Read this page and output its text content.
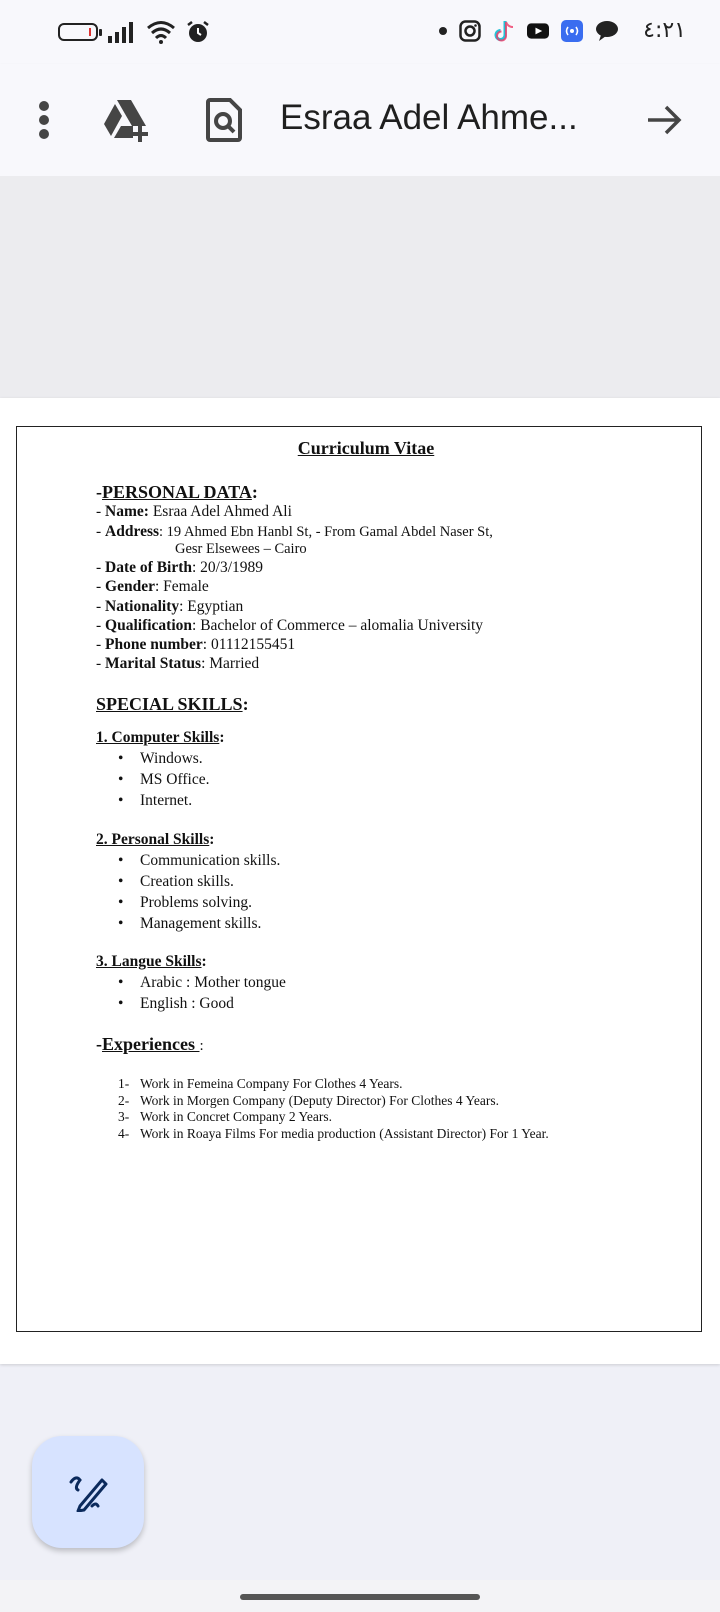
٤:٢١
Esraa Adel Ahme...
Curriculum Vitae
-PERSONAL DATA:
- Name: Esraa Adel Ahmed Ali
- Address: 19 Ahmed Ebn Hanbl St, - From Gamal Abdel Naser St,
Gesr Elsewees – Cairo
- Date of Birth: 20/3/1989
- Gender: Female
- Nationality: Egyptian
- Qualification: Bachelor of Commerce – alomalia University
- Phone number: 01112155451
- Marital Status: Married
SPECIAL SKILLS:
1. Computer Skills:
• Windows.
• MS Office.
• Internet.
2. Personal Skills:
• Communication skills.
• Creation skills.
• Problems solving.
• Management skills.
3. Langue Skills:
• Arabic : Mother tongue
• English : Good
-Experiences :
1- Work in Femeina Company For Clothes 4 Years.
2- Work in Morgen Company (Deputy Director) For Clothes 4 Years.
3- Work in Concret Company 2 Years.
4- Work in Roaya Films For media production (Assistant Director) For 1 Year.
